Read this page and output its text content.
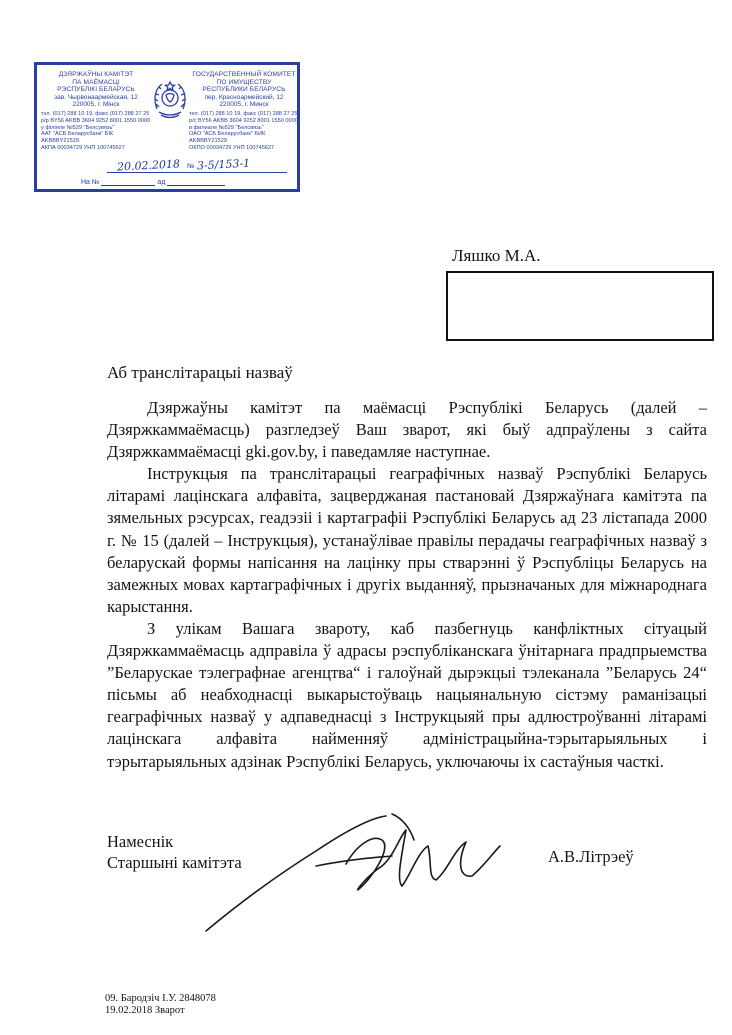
ДЗЯРЖАЎНЫ КАМІТЭТ
ПА МАЁМАСЦІ
РЭСПУБЛІКІ БЕЛАРУСЬ
зав. Чырвонаармейская, 12
220005, г. Мінск
тэл. (017) 288 10 19, факс (017) 288 27 25
р/р BY56 AKBB 3604 9252 8001 1550 0000
у філіяле №529 "Белсувязь"
ААТ "АСБ Беларусбанк" БІК AKBBBY21529
АКПА 00034729 УНП 100745627
ГОСУДАРСТВЕННЫЙ КОМИТЕТ
ПО ИМУЩЕСТВУ
РЕСПУБЛИКИ БЕЛАРУСЬ
пер. Красноармейский, 12
220005, г. Минск
тел. (017) 288 10 19, факс (017) 288 27 25
р/с BY56 AKBB 3604 9252 8001 1550 0000
в филиале №529 "Белсвязь"
ОАО "АСБ Беларусбанк" БИК AKBBBY21529
ОКПО 00034729 УНП 100745627
20.02.2018 № 3-5/153-1
На №	ад
Ляшко М.А.
Аб транслітарацыі назваў

Дзяржаўны камітэт па маёмасці Рэспублікі Беларусь (далей – Дзяржкаммаёмасць) разгледзеў Ваш зварот, які быў адпраўлены з сайта Дзяржкаммаёмасці gki.gov.by, і паведамляе наступнае.

Інструкцыя па транслітарацыі геаграфічных назваў Рэспублікі Беларусь літарамі лацінскага алфавіта, зацверджаная пастановай Дзяржаўнага камітэта па зямельных рэсурсах, геадэзіі і картаграфіі Рэспублікі Беларусь ад 23 лістапада 2000 г. № 15 (далей – Інструкцыя), устанаўлівае правілы перадачы геаграфічных назваў з беларускай формы напісання на лацінку пры стварэнні ў Рэспубліцы Беларусь на замежных мовах картаграфічных і другіх выданняў, прызначаных для міжнароднага карыстання.

З улікам Вашага звароту, каб пазбегнуць канфліктных сітуацый Дзяржкаммаёмасць адправіла ў адрасы рэспубліканскага ўнітарнага прадпрыемства ”Беларускае тэлеграфнае агенцтва“ і галоўнай дырэкцыі тэлеканала ”Беларусь 24“ пісьмы аб неабходнасці выкарыстоўваць нацыянальную сістэму раманізацыі геаграфічных назваў у адпаведнасці з Інструкцыяй пры адлюстроўванні літарамі лацінскага алфавіта найменняў адміністрацыйна-тэрытарыяльных і тэрытарыяльных адзінак Рэспублікі Беларусь, уключаючы іх састаўныя часткі.

Намеснік
Старшыні камітэта	А.В.Літрэеў
09. Бародзіч І.У. 2848078
19.02.2018 Зварот
